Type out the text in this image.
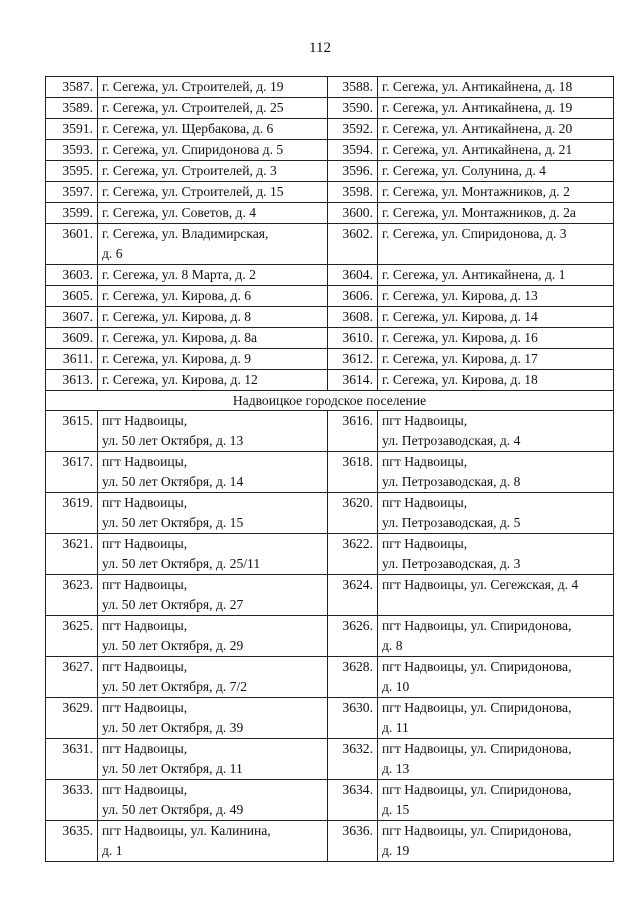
112
3587.	г. Сегежа, ул. Строителей, д. 19	3588.	г. Сегежа, ул. Антикайнена, д. 18
3589.	г. Сегежа, ул. Строителей, д. 25	3590.	г. Сегежа, ул. Антикайнена, д. 19
3591.	г. Сегежа, ул. Щербакова, д. 6	3592.	г. Сегежа, ул. Антикайнена, д. 20
3593.	г. Сегежа, ул. Спиридонова д. 5	3594.	г. Сегежа, ул. Антикайнена, д. 21
3595.	г. Сегежа, ул. Строителей, д. 3	3596.	г. Сегежа, ул. Солунина, д. 4
3597.	г. Сегежа, ул. Строителей, д. 15	3598.	г. Сегежа, ул. Монтажников, д. 2
3599.	г. Сегежа, ул. Советов, д. 4	3600.	г. Сегежа, ул. Монтажников, д. 2а
3601.	г. Сегежа, ул. Владимирская,
д. 6	3602.	г. Сегежа, ул. Спиридонова, д. 3
3603.	г. Сегежа, ул. 8 Марта, д. 2	3604.	г. Сегежа, ул. Антикайнена, д. 1
3605.	г. Сегежа, ул. Кирова, д. 6	3606.	г. Сегежа, ул. Кирова, д. 13
3607.	г. Сегежа, ул. Кирова, д. 8	3608.	г. Сегежа, ул. Кирова, д. 14
3609.	г. Сегежа, ул. Кирова, д. 8а	3610.	г. Сегежа, ул. Кирова, д. 16
3611.	г. Сегежа, ул. Кирова, д. 9	3612.	г. Сегежа, ул. Кирова, д. 17
3613.	г. Сегежа, ул. Кирова, д. 12	3614.	г. Сегежа, ул. Кирова, д. 18
Надвоицкое городское поселение			
3615.	пгт Надвоицы,
ул. 50 лет Октября, д. 13	3616.	пгт Надвоицы,
ул. Петрозаводская, д. 4

3617.	пгт Надвоицы,
ул. 50 лет Октября, д. 14	3618.	пгт Надвоицы,
ул. Петрозаводская, д. 8

3619.	пгт Надвоицы,
ул. 50 лет Октября, д. 15	3620.	пгт Надвоицы,
ул. Петрозаводская, д. 5

3621.	пгт Надвоицы,
ул. 50 лет Октября, д. 25/11	3622.	пгт Надвоицы,
ул. Петрозаводская, д. 3

3623.	пгт Надвоицы,
ул. 50 лет Октября, д. 27	3624.	пгт Надвоицы, ул. Сегежская, д. 4

3625.	пгт Надвоицы,
ул. 50 лет Октября, д. 29	3626.	пгт Надвоицы, ул. Спиридонова,
д. 8

3627.	пгт Надвоицы,
ул. 50 лет Октября, д. 7/2	3628.	пгт Надвоицы, ул. Спиридонова,
д. 10

3629.	пгт Надвоицы,
ул. 50 лет Октября, д. 39	3630.	пгт Надвоицы, ул. Спиридонова,
д. 11

3631.	пгт Надвоицы,
ул. 50 лет Октября, д. 11	3632.	пгт Надвоицы, ул. Спиридонова,
д. 13

3633.	пгт Надвоицы,
ул. 50 лет Октября, д. 49	3634.	пгт Надвоицы, ул. Спиридонова,
д. 15

3635.	пгт Надвоицы, ул. Калинина,
д. 1	3636.	пгт Надвоицы, ул. Спиридонова,
д. 19
